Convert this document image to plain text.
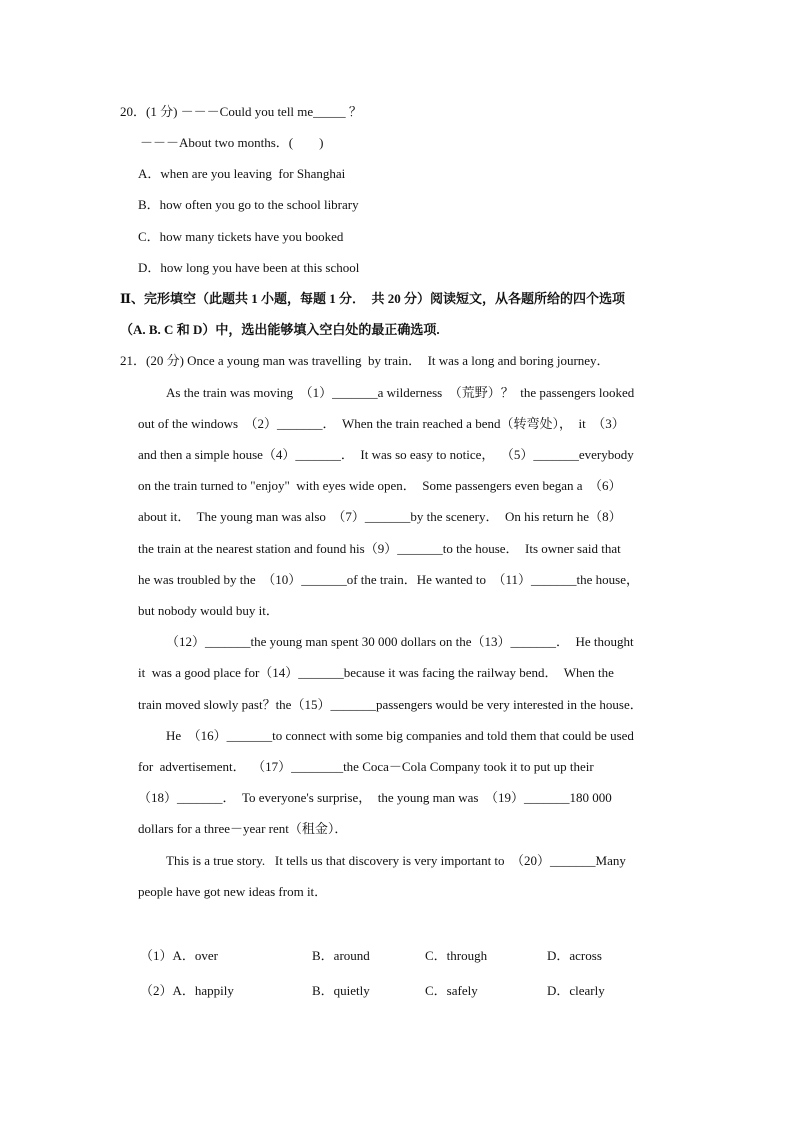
20．(1 分) －－－Could you tell me_____ ？
－－－About two months．(　　)
A．when are you leaving  for Shanghai
B．how often you go to the school library
C．how many tickets have you booked
D．how long you have been at this school
Ⅱ、完形填空（此题共 1 小题，每题 1 分．  共 20 分）阅读短文，从各题所给的四个选项
（A. B. C 和 D）中，选出能够填入空白处的最正确选项.
21．(20 分) Once a young man was travelling  by train．  It was a long and boring journey．
As the train was moving  （1）_______a wilderness  （荒野）？  the passengers looked
out of the windows  （2）_______．  When the train reached a bend（转弯处），  it  （3）
and then a simple house（4）_______．  It was so easy to notice，  （5）_______everybody
on the train turned to "enjoy"  with eyes wide open．  Some passengers even began a  （6）
about it．  The young man was also  （7）_______by the scenery．  On his return he（8）
the train at the nearest station and found his（9）_______to the house．  Its owner said that
he was troubled by the  （10）_______of the train．He wanted to  （11）_______the house，
but nobody would buy it．
（12）_______the young man spent 30 000 dollars on the（13）_______．  He thought
it  was a good place for（14）_______because it was facing the railway bend．  When the
train moved slowly past？the（15）_______passengers would be very interested in the house．
He  （16）_______to connect with some big companies and told them that could be used
for  advertisement．  （17）________the Coca－Cola Company took it to put up their
（18）_______．  To everyone's surprise，  the young man was  （19）_______180 000
dollars for a three－year rent（租金）．
This is a true story.   It tells us that discovery is very important to  （20）_______Many
people have got new ideas from it．

（1）A．over

	B．around

	C．through

	D．across

（2）A．happily

	B．quietly

	C．safely

	D．clearly
